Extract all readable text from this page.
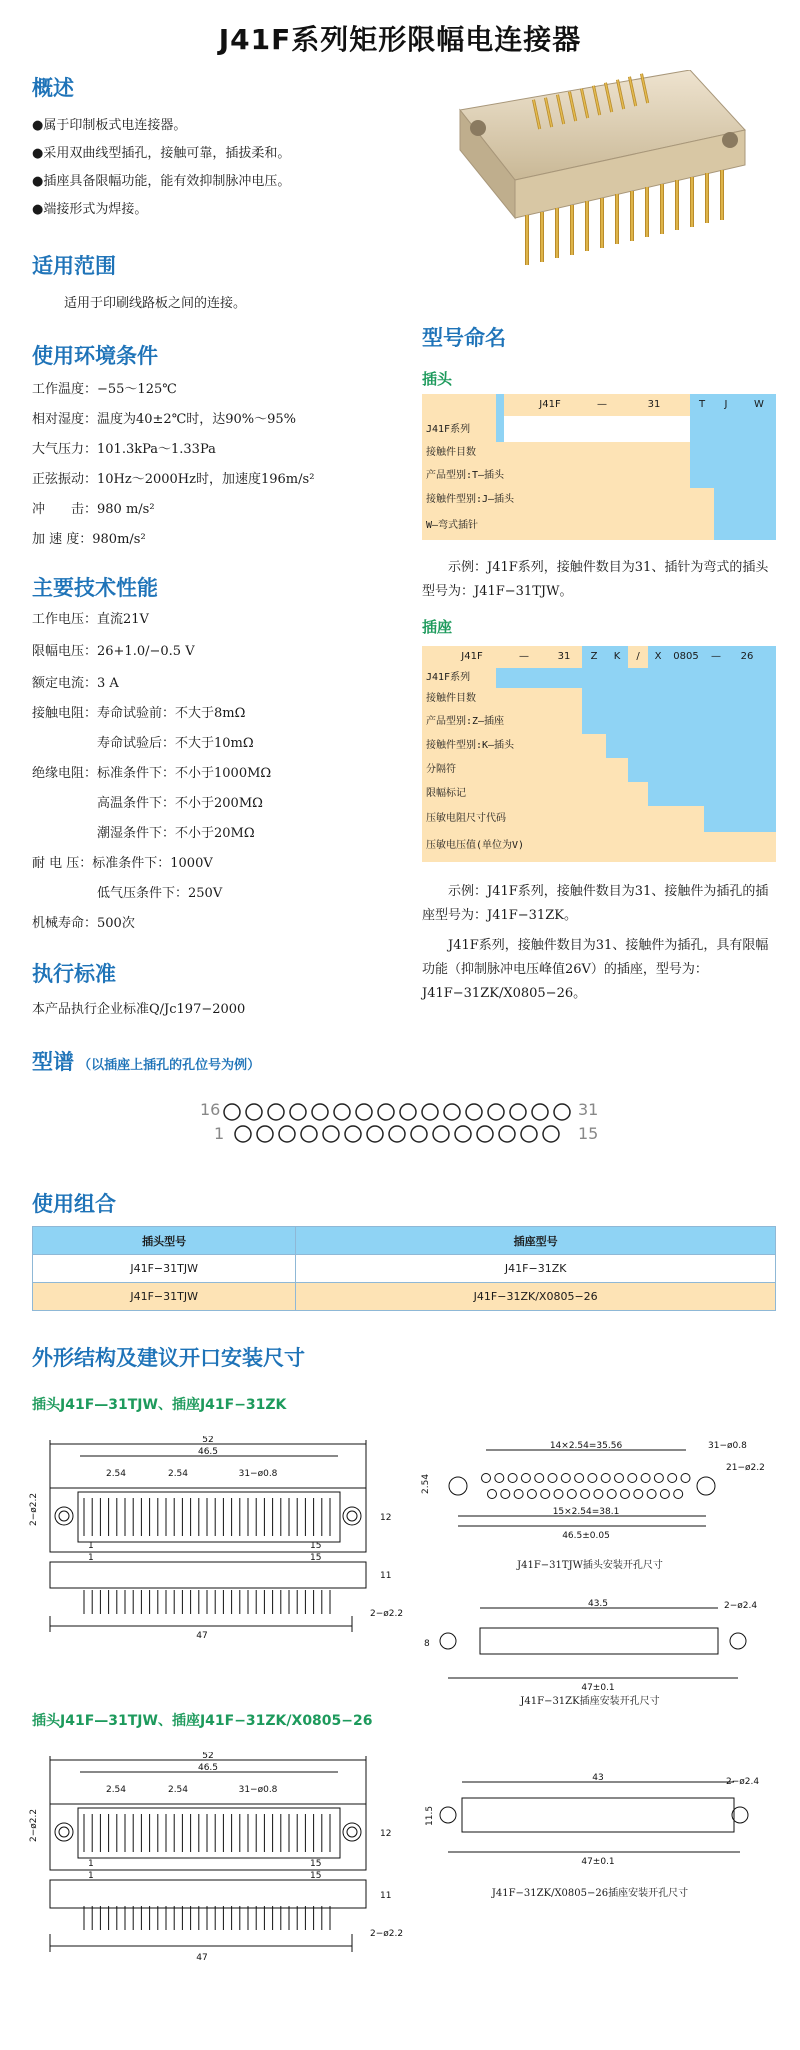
J41F系列矩形限幅电连接器
概述
●属于印制板式电连接器。
●采用双曲线型插孔，接触可靠，插拔柔和。
●插座具备限幅功能，能有效抑制脉冲电压。
●端接形式为焊接。
适用范围
适用于印刷线路板之间的连接。
使用环境条件
工作温度：−55～125℃
相对湿度：温度为40±2℃时，达90%～95%
大气压力：101.3kPa～1.33Pa
正弦振动：10Hz～2000Hz时，加速度196m/s²
冲　　击：980 m/s²
加 速 度：980m/s²
主要技术性能
工作电压：直流21V
限幅电压：26+1.0/−0.5 V
额定电流：3 A
接触电阻：寿命试验前：不大于8mΩ
　　　　　寿命试验后：不大于10mΩ
绝缘电阻：标准条件下：不小于1000MΩ
　　　　　高温条件下：不小于200MΩ
　　　　　潮湿条件下：不小于20MΩ
耐 电 压：标准条件下：1000V
　　　　　低气压条件下：250V
机械寿命：500次
执行标准
本产品执行企业标准Q/Jc197−2000
型号命名
插头
J41F	—	31	T	J	W
J41F系列
接触件目数
产品型别:T—插头
接触件型别:J—插头
W—弯式插针
示例：J41F系列，接触件数目为31、插针为弯式的插头型号为：J41F−31TJW。
插座
J41F	—	31	Z	K	/	X	0805	—	26
J41F系列
接触件目数
产品型别:Z—插座
接触件型别:K—插头
分隔符
限幅标记
压敏电阻尺寸代码
压敏电压值(单位为V)
示例：J41F系列，接触件数目为31、接触件为插孔的插座型号为：J41F−31ZK。
J41F系列，接触件数目为31、接触件为插孔，具有限幅功能（抑制脉冲电压峰值26V）的插座，型号为：J41F−31ZK/X0805−26。
型谱 （以插座上插孔的孔位号为例）
16	31
1	15
使用组合
插头型号	插座型号
J41F−31TJW	J41F−31ZK
J41F−31TJW	J41F−31ZK/X0805−26
外形结构及建议开口安装尺寸
插头J41F—31TJW、插座J41F−31ZK
插头J41F—31TJW、插座J41F−31ZK/X0805−26
52
46.5
2.54	2.54	31−ø0.8
2−ø2.2	12
11
1	15
1	15
47
2−ø2.2
14×2.54=35.56	31−ø0.8
21−ø2.2
2.54
15×2.54=38.1
46.5±0.05
J41F−31TJW插头安装开孔尺寸
43.5
8
47±0.1
2−ø2.4
J41F−31ZK插座安装开孔尺寸
52
46.5
2.54	2.54	31−ø0.8
2−ø2.2	12
11
1	15
1	15
47
2−ø2.2
43
11.5
47±0.1
2−ø2.4
J41F−31ZK/X0805−26插座安装开孔尺寸
